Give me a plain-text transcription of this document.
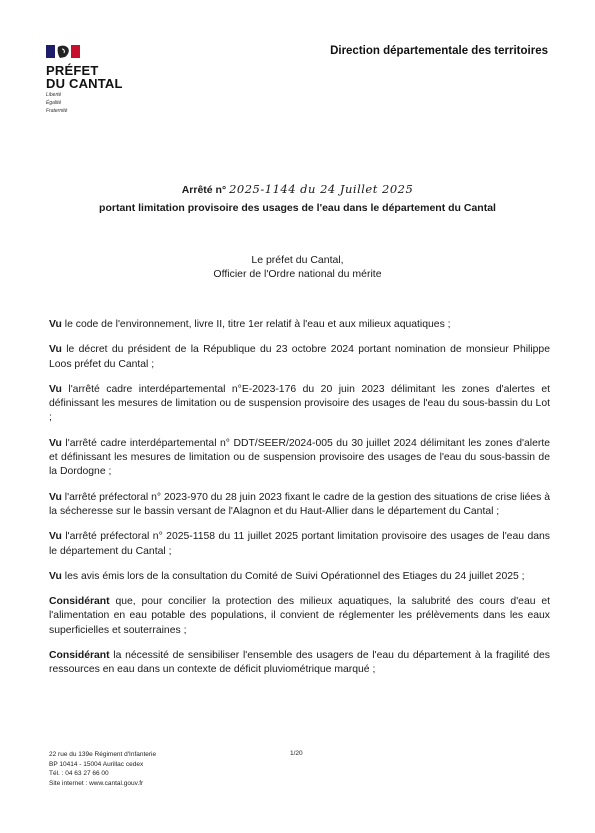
PRÉFET
DU CANTAL
Liberté
Égalité
Fraternité
Direction départementale des territoires
Arrêté n° 2025-1144 du 24 Juillet 2025
portant limitation provisoire des usages de l'eau dans le département du Cantal
Le préfet du Cantal,
Officier de l'Ordre national du mérite

Vu le code de l'environnement, livre II, titre 1er relatif à l'eau et aux milieux aquatiques ;

Vu le décret du président de la République du 23 octobre 2024 portant nomination de monsieur Philippe Loos préfet du Cantal ;

Vu l'arrêté cadre interdépartemental n°E-2023-176 du 20 juin 2023 délimitant les zones d'alertes et définissant les mesures de limitation ou de suspension provisoire des usages de l'eau du sous-bassin du Lot ;

Vu l'arrêté cadre interdépartemental n° DDT/SEER/2024-005 du 30 juillet 2024 délimitant les zones d'alerte et définissant les mesures de limitation ou de suspension provisoire des usages de l'eau du sous-bassin de la Dordogne ;

Vu l'arrêté préfectoral n° 2023-970 du 28 juin 2023 fixant le cadre de la gestion des situations de crise liées à la sécheresse sur le bassin versant de l'Alagnon et du Haut-Allier dans le département du Cantal ;

Vu l'arrêté préfectoral n° 2025-1158 du 11 juillet 2025 portant limitation provisoire des usages de l'eau dans le département du Cantal ;

Vu les avis émis lors de la consultation du Comité de Suivi Opérationnel des Etiages du 24 juillet 2025 ;

Considérant que, pour concilier la protection des milieux aquatiques, la salubrité des cours d'eau et l'alimentation en eau potable des populations, il convient de réglementer les prélèvements dans les eaux superficielles et souterraines ;

Considérant la nécessité de sensibiliser l'ensemble des usagers de l'eau du département à la fragilité des ressources en eau dans un contexte de déficit pluviométrique marqué ;

22 rue du 139e Régiment d'Infanterie
BP 10414 - 15004 Aurillac cedex
Tél. : 04 63 27 66 00
Site internet : www.cantal.gouv.fr
1/20
